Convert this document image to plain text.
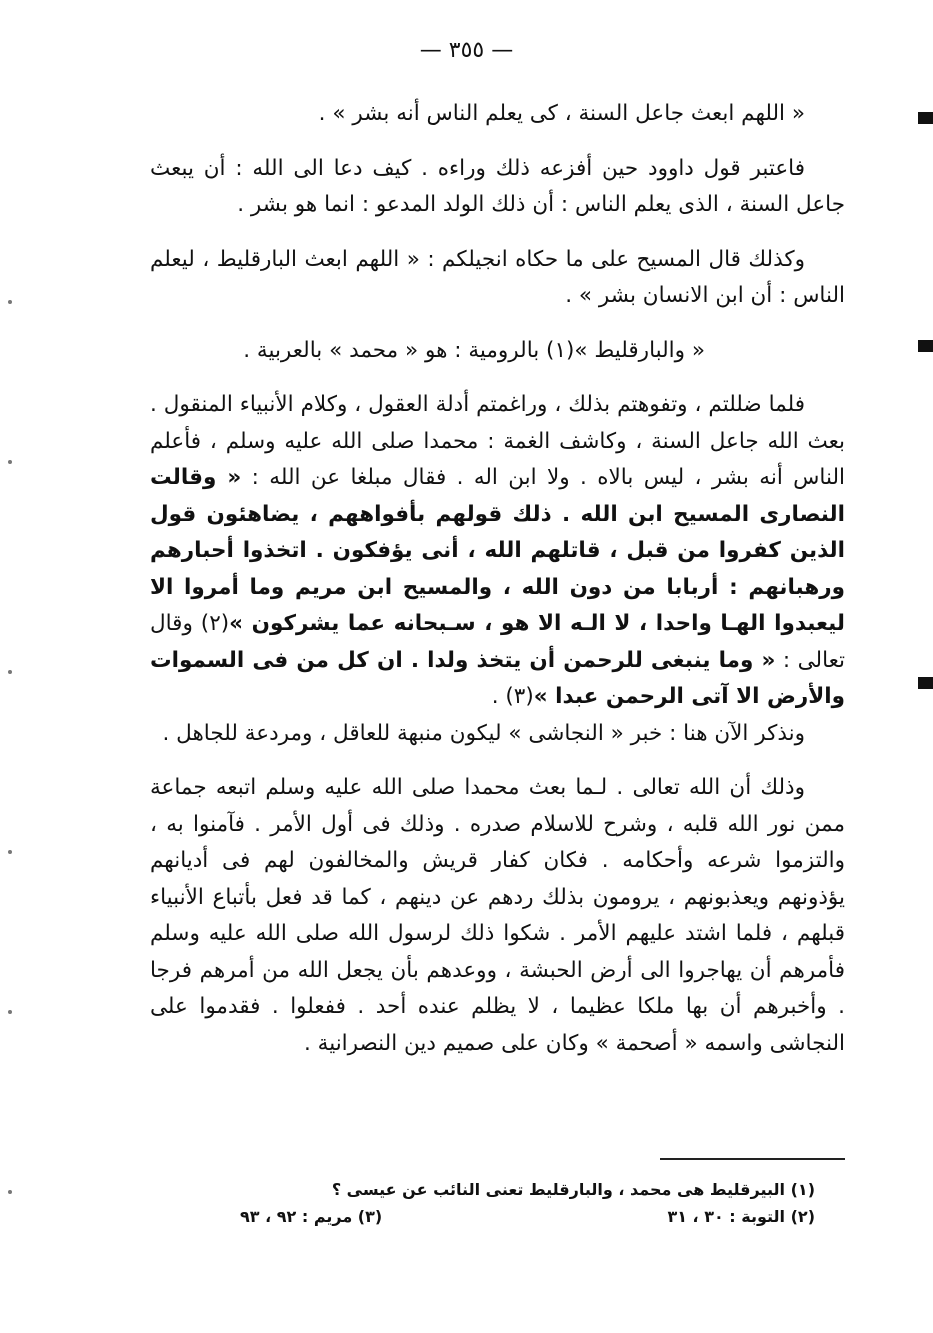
— ٣٥٥ —

« اللهم ابعث جاعل السنة ، كى يعلم الناس أنه بشر » .

فاعتبر قول داوود حين أفزعه ذلك وراءه . كيف دعا الى الله : أن يبعث جاعل السنة ، الذى يعلم الناس : أن ذلك الولد المدعو : انما هو بشر .

وكذلك قال المسيح على ما حكاه انجيلكم : « اللهم ابعث البارقليط ، ليعلم الناس : أن ابن الانسان بشر » .

« والبارقليط »(١) بالرومية : هو « محمد » بالعربية .

فلما ضللتم ، وتفوهتم بذلك ، وراغمتم أدلة العقول ، وكلام الأنبياء المنقول . بعث الله جاعل السنة ، وكاشف الغمة : محمدا صلى الله عليه وسلم ، فأعلم الناس أنه بشر ، ليس بالاه . ولا ابن اله . فقال مبلغا عن الله : « وقالت النصارى المسيح ابن الله . ذلك قولهم بأفواههم ، يضاهئون قول الذين كفروا من قبل ، قاتلهم الله ، أنى يؤفكون . اتخذوا أحبارهم ورهبانهم : أربابا من دون الله ، والمسيح ابن مريم وما أمروا الا ليعبدوا الهـا واحدا ، لا الـه الا هو ، سـبحانه عما يشركون »(٢) وقال تعالى : « وما ينبغى للرحمن أن يتخذ ولدا . ان كل من فى السموات والأرض الا آتى الرحمن عبدا »(٣) .

ونذكر الآن هنا : خبر « النجاشى » ليكون منبهة للعاقل ، ومردعة للجاهل .

وذلك أن الله تعالى . لـما بعث محمدا صلى الله عليه وسلم اتبعه جماعة ممن نور الله قلبه ، وشرح للاسلام صدره . وذلك فى أول الأمر . فآمنوا به ، والتزموا شرعه وأحكامه . فكان كفار قريش والمخالفون لهم فى أديانهم يؤذونهم ويعذبونهم ، يرومون بذلك ردهم عن دينهم ، كما قد فعل بأتباع الأنبياء قبلهم ، فلما اشتد عليهم الأمر . شكوا ذلك لرسول الله صلى الله عليه وسلم فأمرهم أن يهاجروا الى أرض الحبشة ، ووعدهم بأن يجعل الله من أمرهم فرجا . وأخبرهم أن بها ملكا عظيما ، لا يظلم عنده أحد . ففعلوا . فقدموا على النجاشى واسمه « أصحمة » وكان على صميم دين النصرانية .

(١) البيرقليط هى محمد ، والبارقليط تعنى النائب عن عيسى ؟
(٢) التوبة : ٣٠ ، ٣١
(٣) مريم : ٩٢ ، ٩٣
